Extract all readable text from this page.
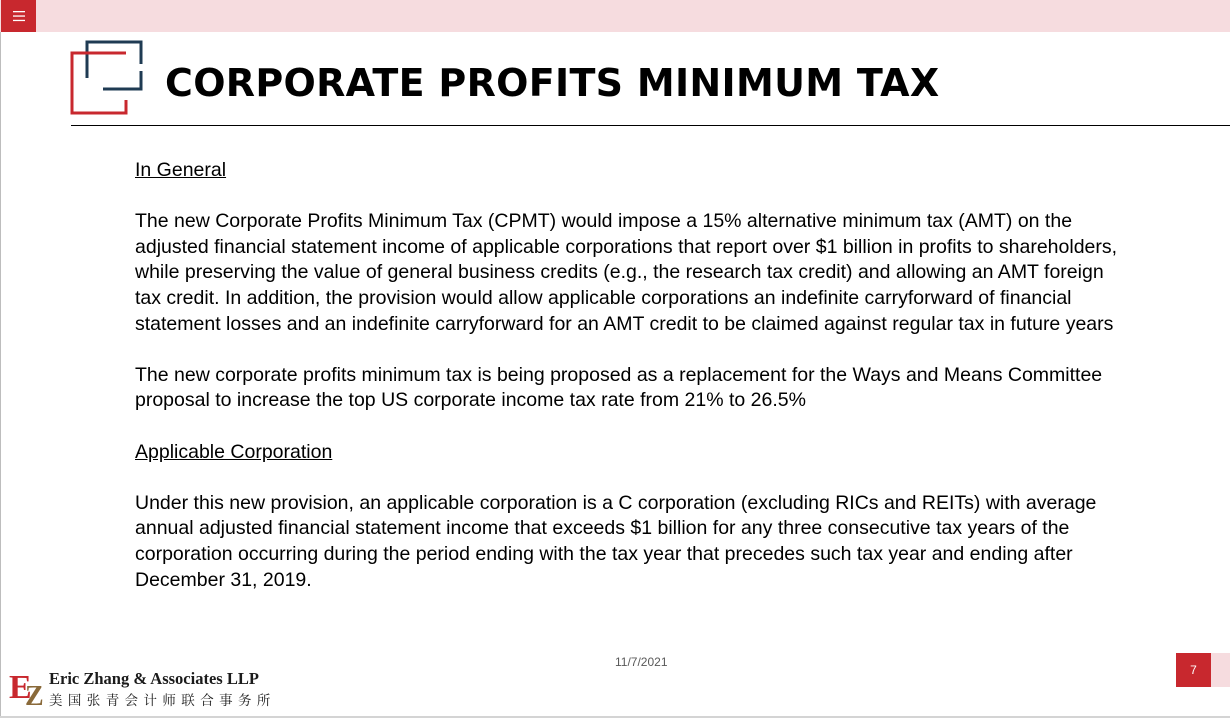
CORPORATE PROFITS MINIMUM TAX

In General

The new Corporate Profits Minimum Tax (CPMT) would impose a 15% alternative minimum tax (AMT) on the adjusted financial statement income of applicable corporations that report over $1 billion in profits to shareholders, while preserving the value of general business credits (e.g., the research tax credit) and allowing an AMT foreign tax credit. In addition, the provision would allow applicable corporations an indefinite carryforward of financial statement losses and an indefinite carryforward for an AMT credit to be claimed against regular tax in future years

The new corporate profits minimum tax is being proposed as a replacement for the Ways and Means Committee proposal to increase the top US corporate income tax rate from 21% to 26.5%

Applicable Corporation

Under this new provision, an applicable corporation is a C corporation (excluding RICs and REITs) with average annual adjusted financial statement income that exceeds $1 billion for any three consecutive tax years of the corporation occurring during the period ending with the tax year that precedes such tax year and ending after December 31, 2019.

11/7/2021
7
E
Z
Eric Zhang & Associates LLP
美国张青会计师联合事务所
